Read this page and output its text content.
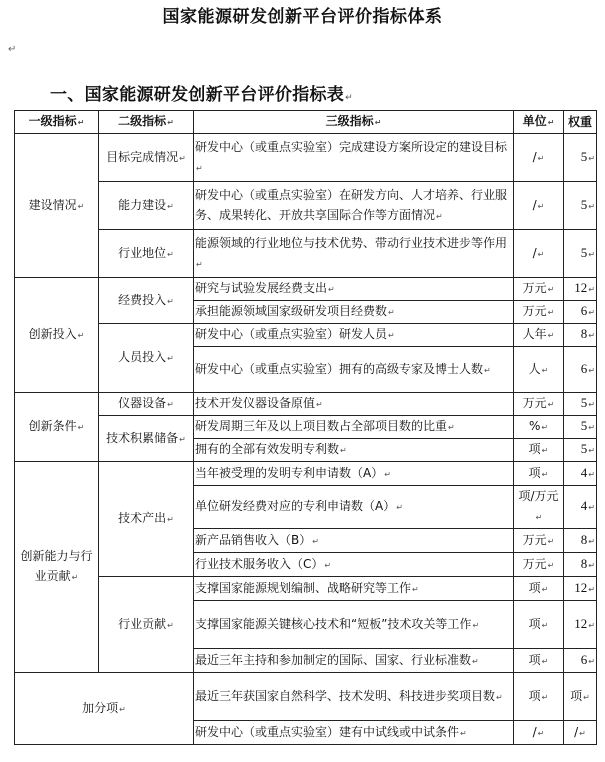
国家能源研发创新平台评价指标体系
↵
一、国家能源研发创新平台评价指标表↵
一级指标↵	二级指标↵	三级指标↵	单位↵	权重
建设情况↵	目标完成情况↵	研发中心（或重点实验室）完成建设方案所设定的建设目标↵	/↵	5↵
	能力建设↵	研发中心（或重点实验室）在研发方向、人才培养、行业服务、成果转化、开放共享国际合作等方面情况↵	/↵	5↵
	行业地位↵	能源领域的行业地位与技术优势、带动行业技术进步等作用↵	/↵	5↵
创新投入↵	经费投入↵	研究与试验发展经费支出↵	万元↵	12↵
		承担能源领域国家级研发项目经费数↵	万元↵	6↵
	人员投入↵	研发中心（或重点实验室）研发人员↵	人年↵	8↵
		研发中心（或重点实验室）拥有的高级专家及博士人数↵	人↵	6↵
创新条件↵	仪器设备↵	技术开发仪器设备原值↵	万元↵	5↵
	技术积累储备↵	研发周期三年及以上项目数占全部项目数的比重↵	%↵	5↵
		拥有的全部有效发明专利数↵	项↵	5↵
创新能力与行业贡献↵	技术产出↵	当年被受理的发明专利申请数（A）↵	项↵	4↵
		单位研发经费对应的专利申请数（A）↵	项/万元↵	4↵
		新产品销售收入（B）↵	万元↵	8↵
		行业技术服务收入（C）↵	万元↵	8↵
	行业贡献↵	支撑国家能源规划编制、战略研究等工作↵	项↵	12↵
		支撑国家能源关键核心技术和“短板”技术攻关等工作↵	项↵	12↵
		最近三年主持和参加制定的国际、国家、行业标准数↵	项↵	6↵
加分项↵		最近三年获国家自然科学、技术发明、科技进步奖项目数↵	项↵	项↵
		研发中心（或重点实验室）建有中试线或中试条件↵	/↵	/↵
